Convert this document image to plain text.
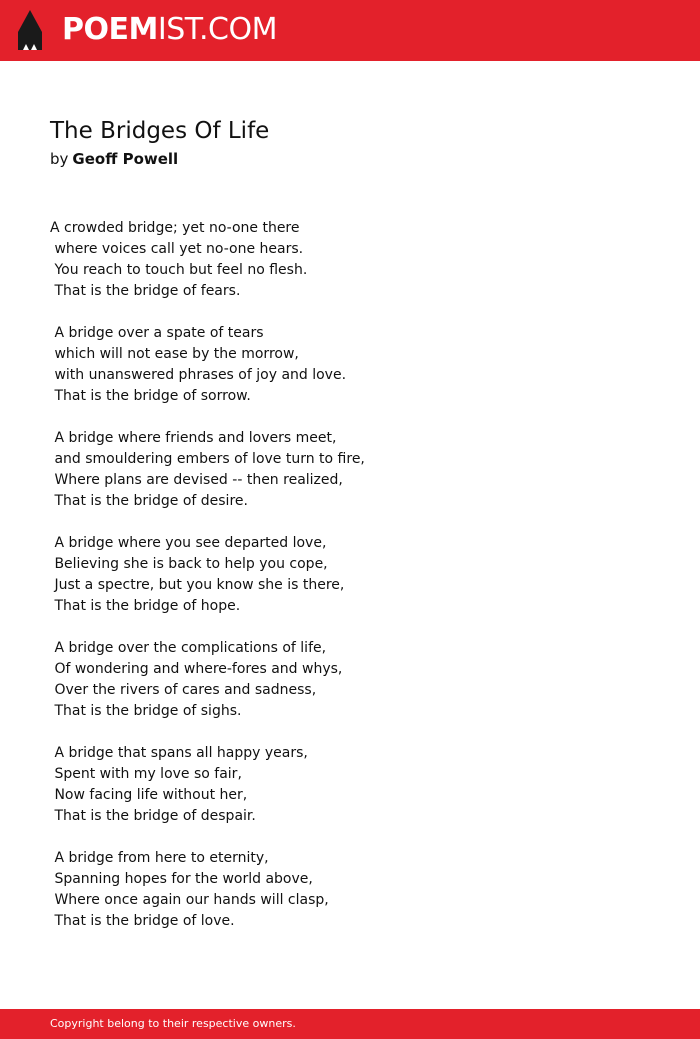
POEMIST.COM
The Bridges Of Life
by Geoff Powell
A crowded bridge; yet no-one there
where voices call yet no-one hears.
You reach to touch but feel no flesh.
That is the bridge of fears.
A bridge over a spate of tears
which will not ease by the morrow,
with unanswered phrases of joy and love.
That is the bridge of sorrow.
A bridge where friends and lovers meet,
and smouldering embers of love turn to fire,
Where plans are devised -- then realized,
That is the bridge of desire.
A bridge where you see departed love,
Believing she is back to help you cope,
Just a spectre, but you know she is there,
That is the bridge of hope.
A bridge over the complications of life,
Of wondering and where-fores and whys,
Over the rivers of cares and sadness,
That is the bridge of sighs.
A bridge that spans all happy years,
Spent with my love so fair,
Now facing life without her,
That is the bridge of despair.
A bridge from here to eternity,
Spanning hopes for the world above,
Where once again our hands will clasp,
That is the bridge of love.
Copyright belong to their respective owners.
